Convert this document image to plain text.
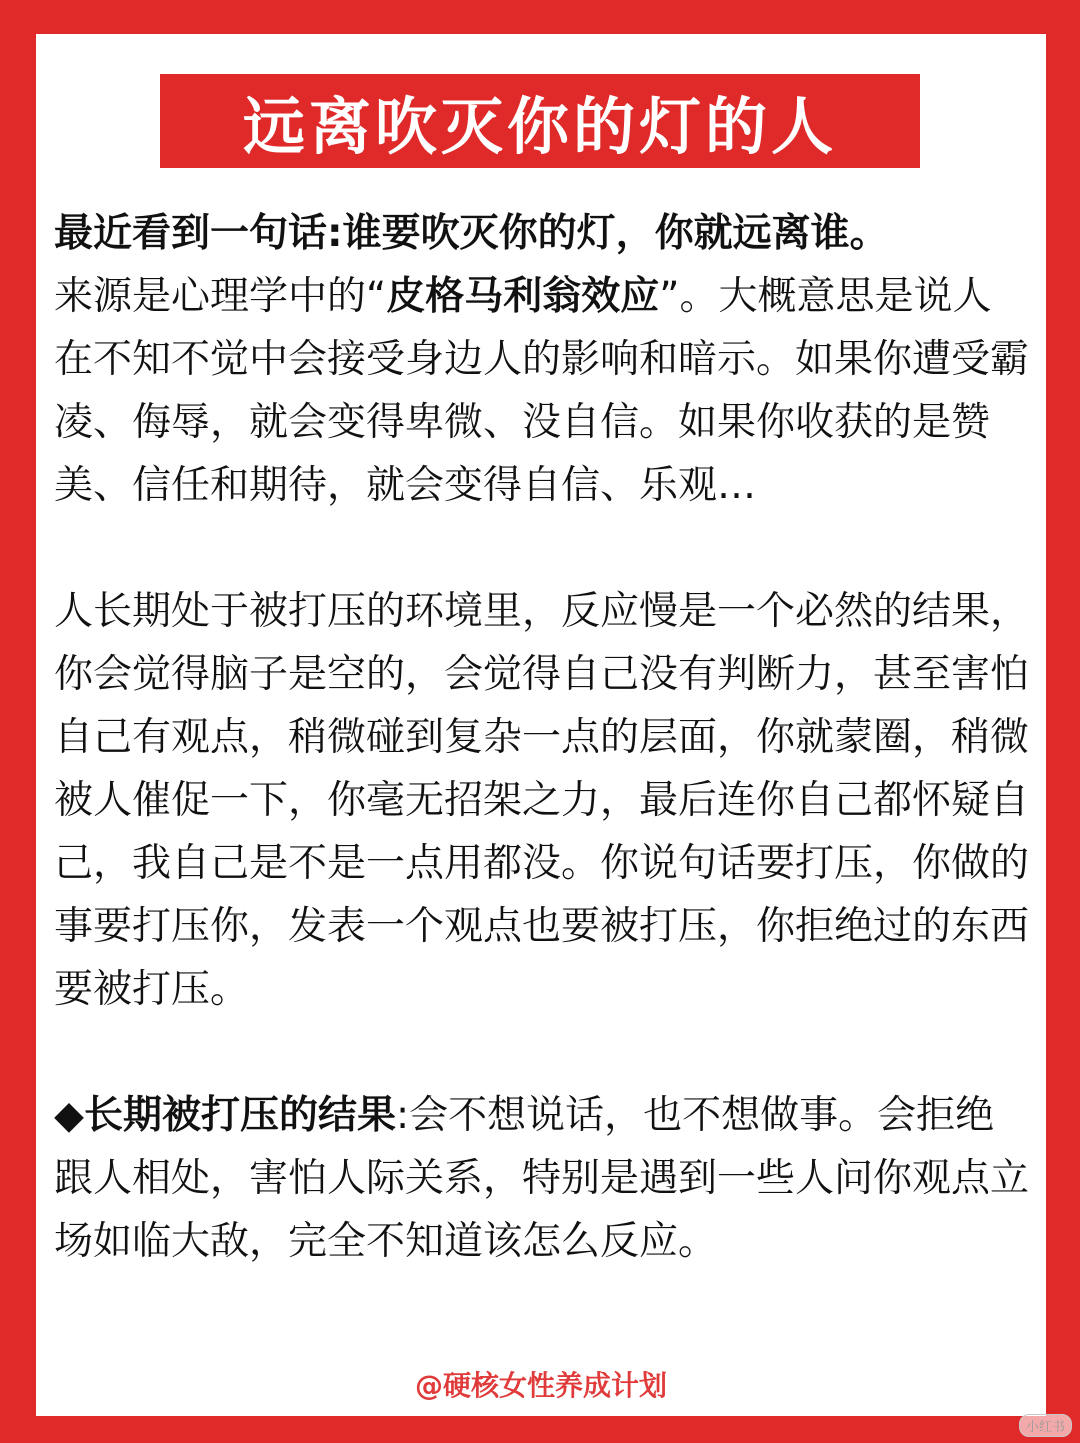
远离吹灭你的灯的人

最近看到一句话:谁要吹灭你的灯，你就远离谁。
来源是心理学中的“皮格马利翁效应”。大概意思是说人在不知不觉中会接受身边人的影响和暗示。如果你遭受霸凌、侮辱，就会变得卑微、没自信。如果你收获的是赞美、信任和期待，就会变得自信、乐观…

人长期处于被打压的环境里，反应慢是一个必然的结果，你会觉得脑子是空的，会觉得自己没有判断力，甚至害怕自己有观点，稍微碰到复杂一点的层面，你就蒙圈，稍微被人催促一下，你毫无招架之力，最后连你自己都怀疑自己，我自己是不是一点用都没。你说句话要打压，你做的事要打压你，发表一个观点也要被打压，你拒绝过的东西要被打压。

◆长期被打压的结果:会不想说话，也不想做事。会拒绝跟人相处，害怕人际关系，特别是遇到一些人问你观点立场如临大敌，完全不知道该怎么反应。

@硬核女性养成计划
小红书
